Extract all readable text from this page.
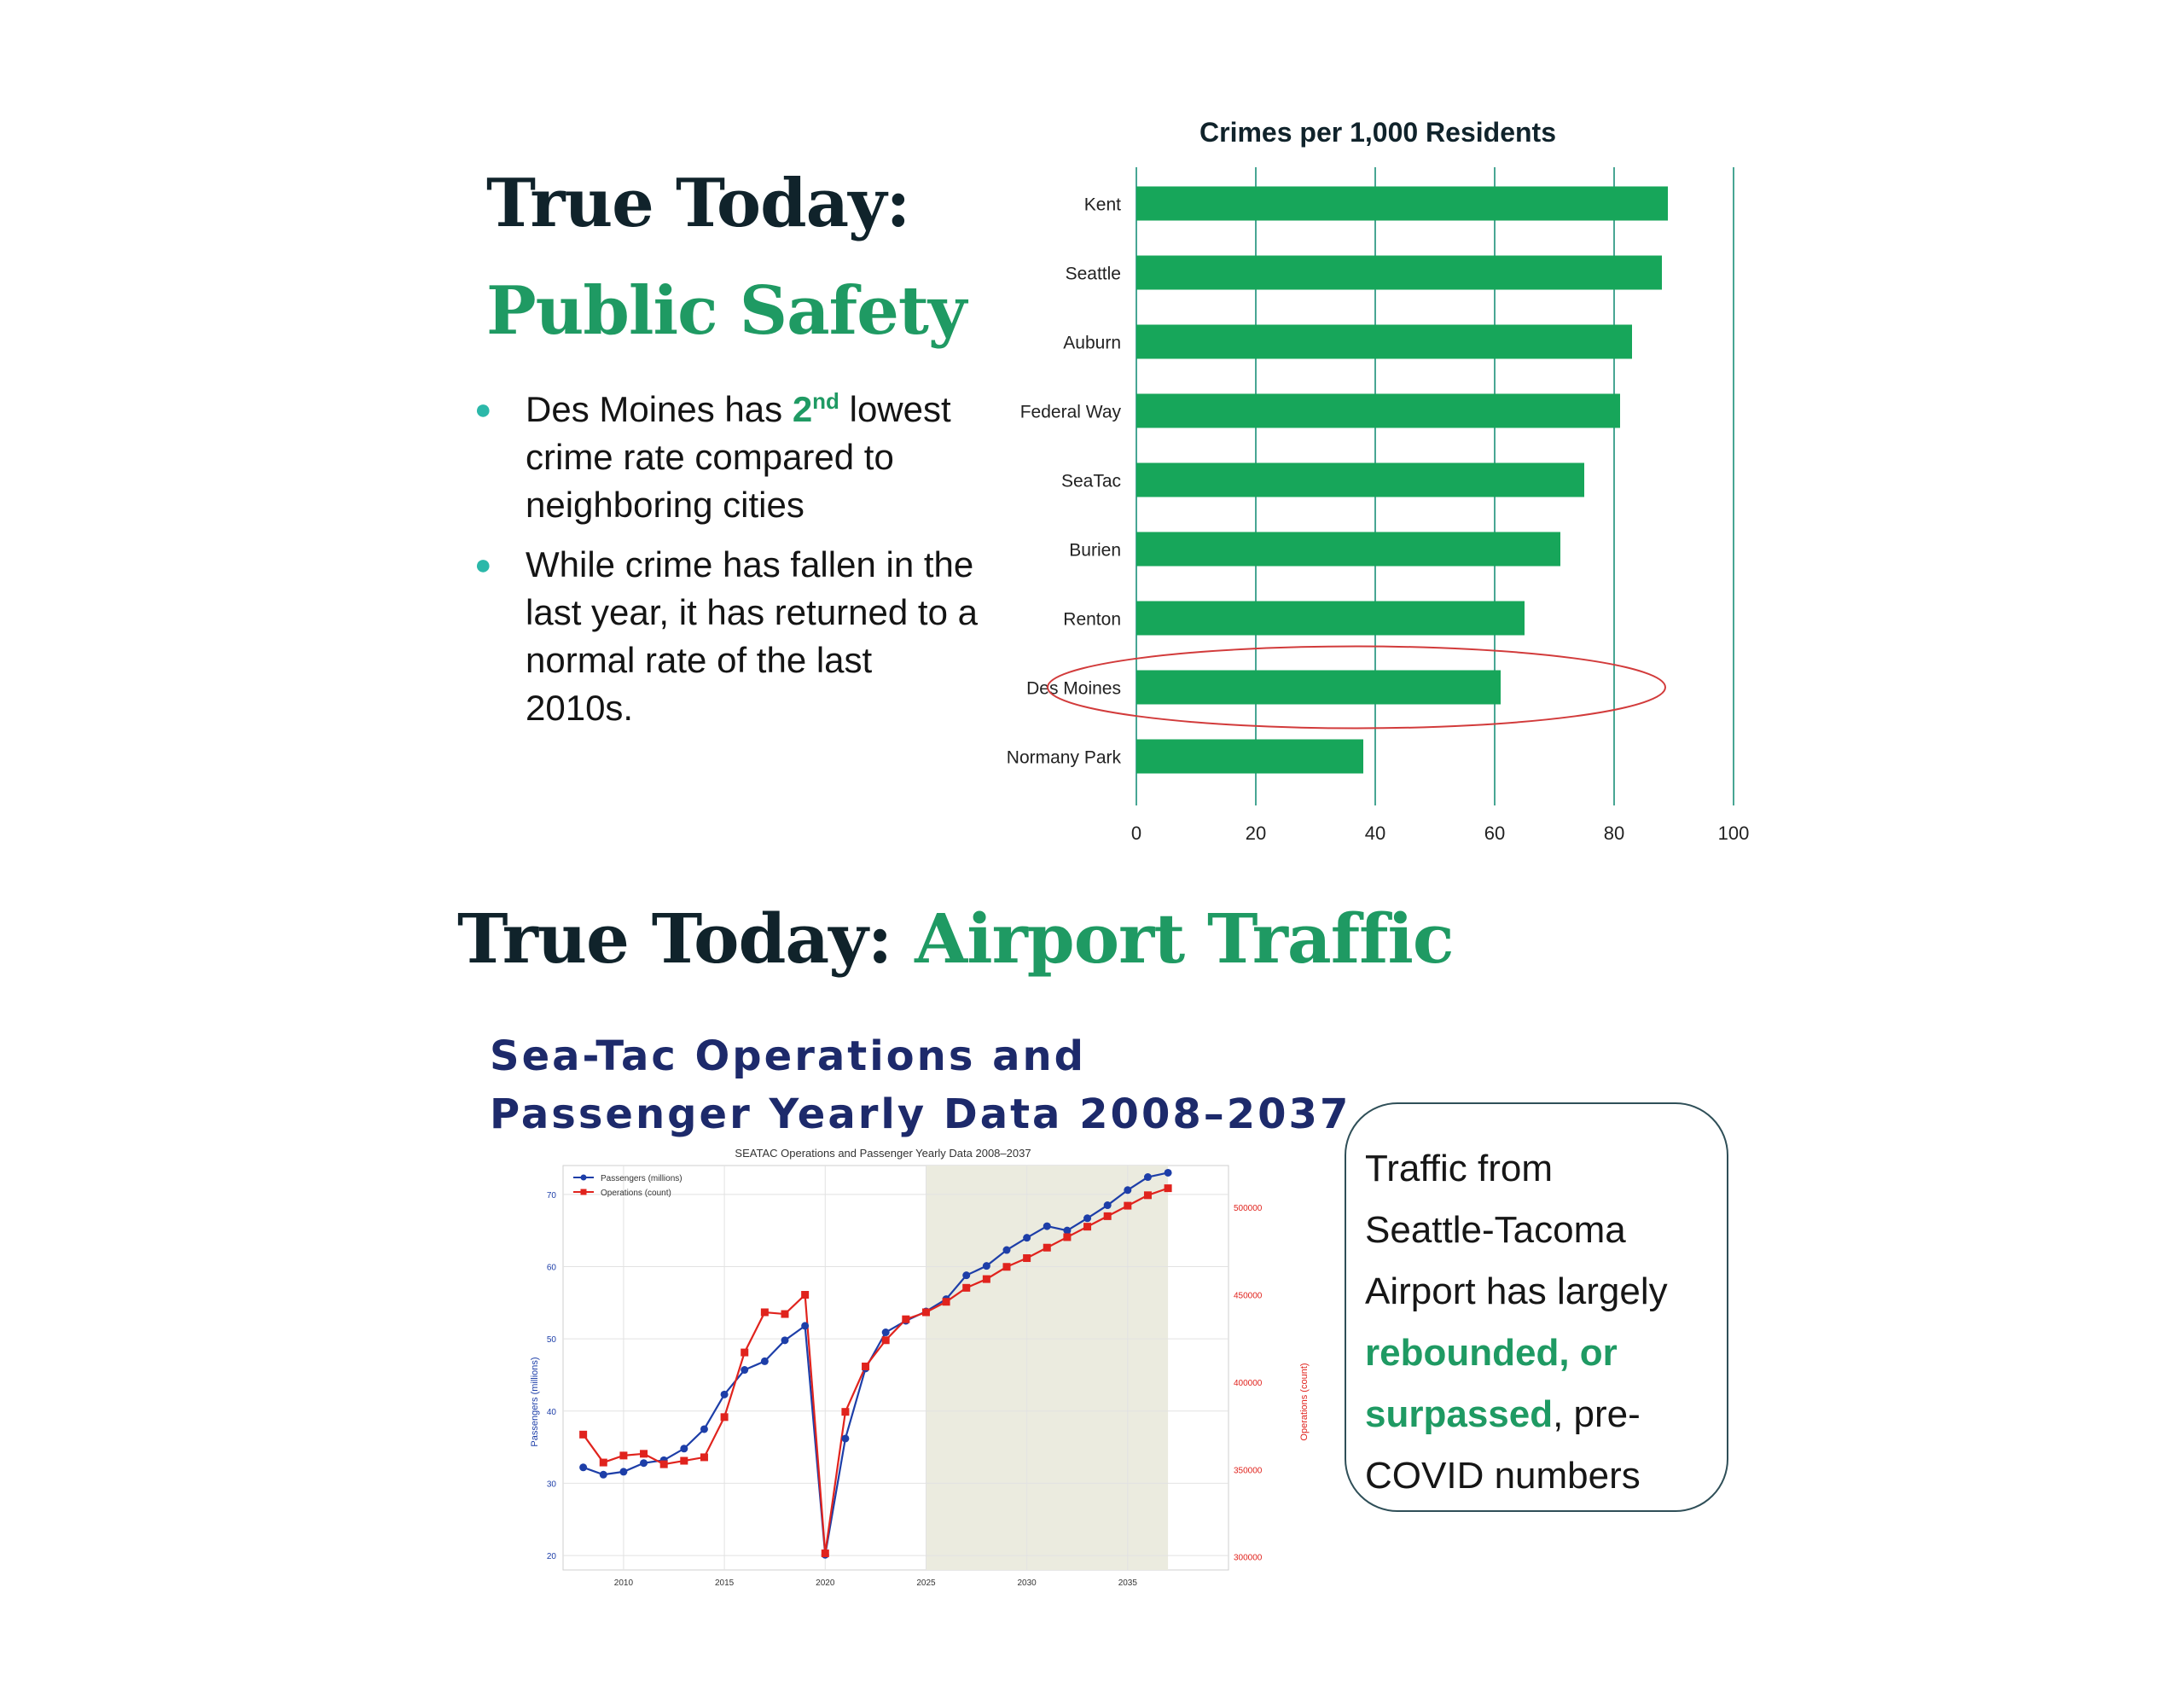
True Today:
Public Safety
● Des Moines has 2nd lowest crime rate compared to neighboring cities
● While crime has fallen in the last year, it has returned to a normal rate of the last 2010s.
Crimes per 1,000 Residents
0	20	40	60	80	100
Kent
Seattle
Auburn
Federal Way
SeaTac
Burien
Renton
Des Moines
Normany Park
True Today: Airport Traffic
Sea-Tac Operations and
Passenger Yearly Data 2008–2037
SEATAC Operations and Passenger Yearly Data 2008–2037
2010	2015	2020	2025	2030	2035
20
30
40
50
60
70
300000
350000
400000
450000
500000
Passengers (millions)	Operations (count)
Passengers (millions)
Operations (count)
Traffic from
Seattle-Tacoma
Airport has largely
rebounded, or
surpassed, pre-
COVID numbers
